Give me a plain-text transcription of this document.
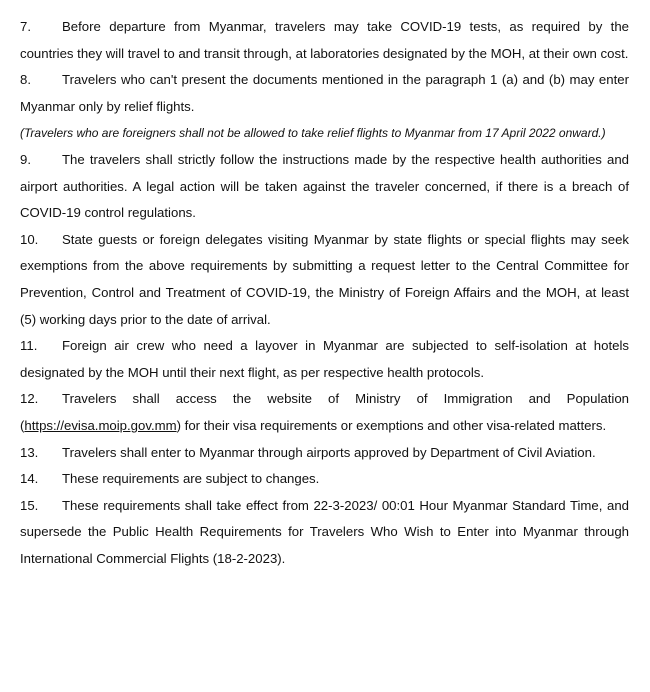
7. Before departure from Myanmar, travelers may take COVID-19 tests, as required by the countries they will travel to and transit through, at laboratories designated by the MOH, at their own cost.

8. Travelers who can't present the documents mentioned in the paragraph 1 (a) and (b) may enter Myanmar only by relief flights.

(Travelers who are foreigners shall not be allowed to take relief flights to Myanmar from 17 April 2022 onward.)

9. The travelers shall strictly follow the instructions made by the respective health authorities and airport authorities. A legal action will be taken against the traveler concerned, if there is a breach of COVID-19 control regulations.

10. State guests or foreign delegates visiting Myanmar by state flights or special flights may seek exemptions from the above requirements by submitting a request letter to the Central Committee for Prevention, Control and Treatment of COVID-19, the Ministry of Foreign Affairs and the MOH, at least (5) working days prior to the date of arrival.

11. Foreign air crew who need a layover in Myanmar are subjected to self-isolation at hotels designated by the MOH until their next flight, as per respective health protocols.

12. Travelers shall access the website of Ministry of Immigration and Population (https://evisa.moip.gov.mm) for their visa requirements or exemptions and other visa-related matters.

13. Travelers shall enter to Myanmar through airports approved by Department of Civil Aviation.

14. These requirements are subject to changes.

15. These requirements shall take effect from 22-3-2023/ 00:01 Hour Myanmar Standard Time, and supersede the Public Health Requirements for Travelers Who Wish to Enter into Myanmar through International Commercial Flights (18-2-2023).
